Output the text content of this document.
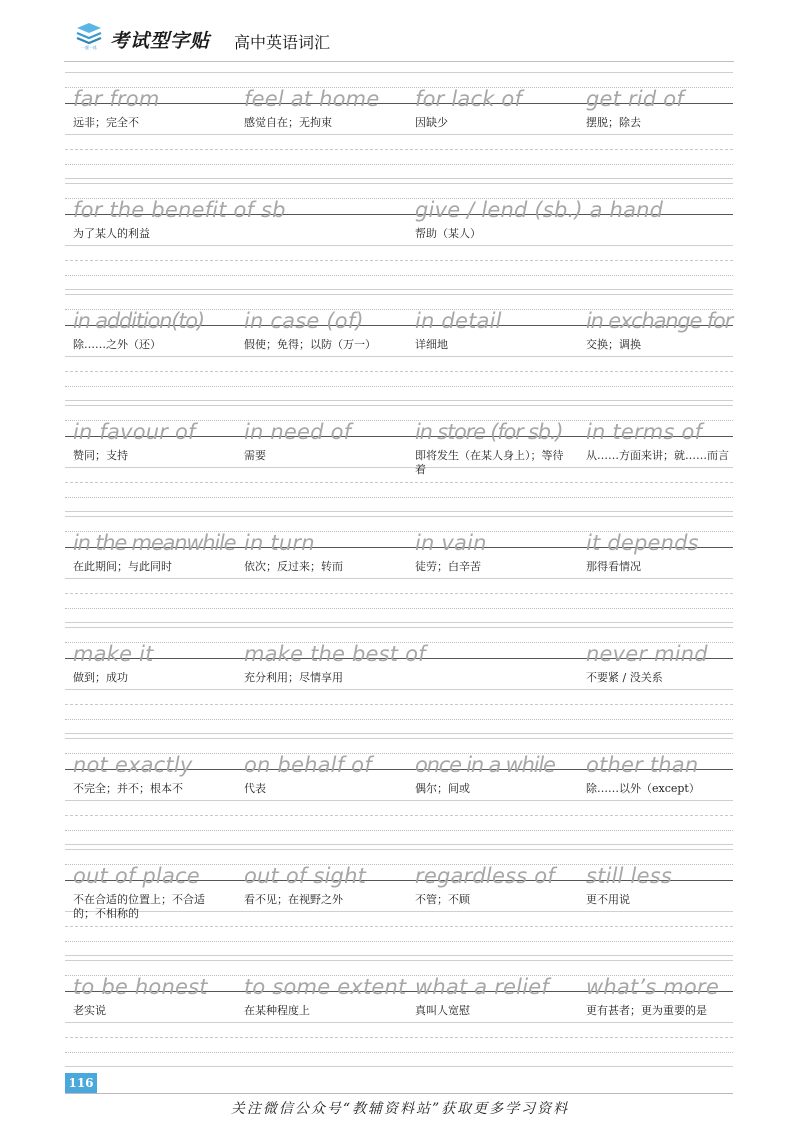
一题一练 考试型字贴 高中英语词汇
far from
远非；完全不
feel at home
感觉自在；无拘束
for lack of
因缺少
get rid of
摆脱；除去
for the benefit of sb
为了某人的利益
give / lend (sb.) a hand
帮助（某人）
in addition(to)
除……之外（还）
in case (of)
假使；免得；以防（万一）
in detail
详细地
in exchange for
交换；调换
in favour of
赞同；支持
in need of
需要
in store (for sb.)
即将发生（在某人身上）；等待着
in terms of
从……方面来讲；就……而言
in the meanwhile
在此期间；与此同时
in turn
依次；反过来；转而
in vain
徒劳；白辛苦
it depends
那得看情况
make it
做到；成功
make the best of
充分利用；尽情享用
never mind
不要紧 / 没关系
not exactly
不完全；并不；根本不
on behalf of
代表
once in a while
偶尔；间或
other than
除……以外（except）
out of place
不在合适的位置上；不合适的；不相称的
out of sight
看不见；在视野之外
regardless of
不管；不顾
still less
更不用说
to be honest
老实说
to some extent
在某种程度上
what a relief
真叫人宽慰
what’s more
更有甚者；更为重要的是
116
关注微信公众号“教辅资料站”获取更多学习资料
